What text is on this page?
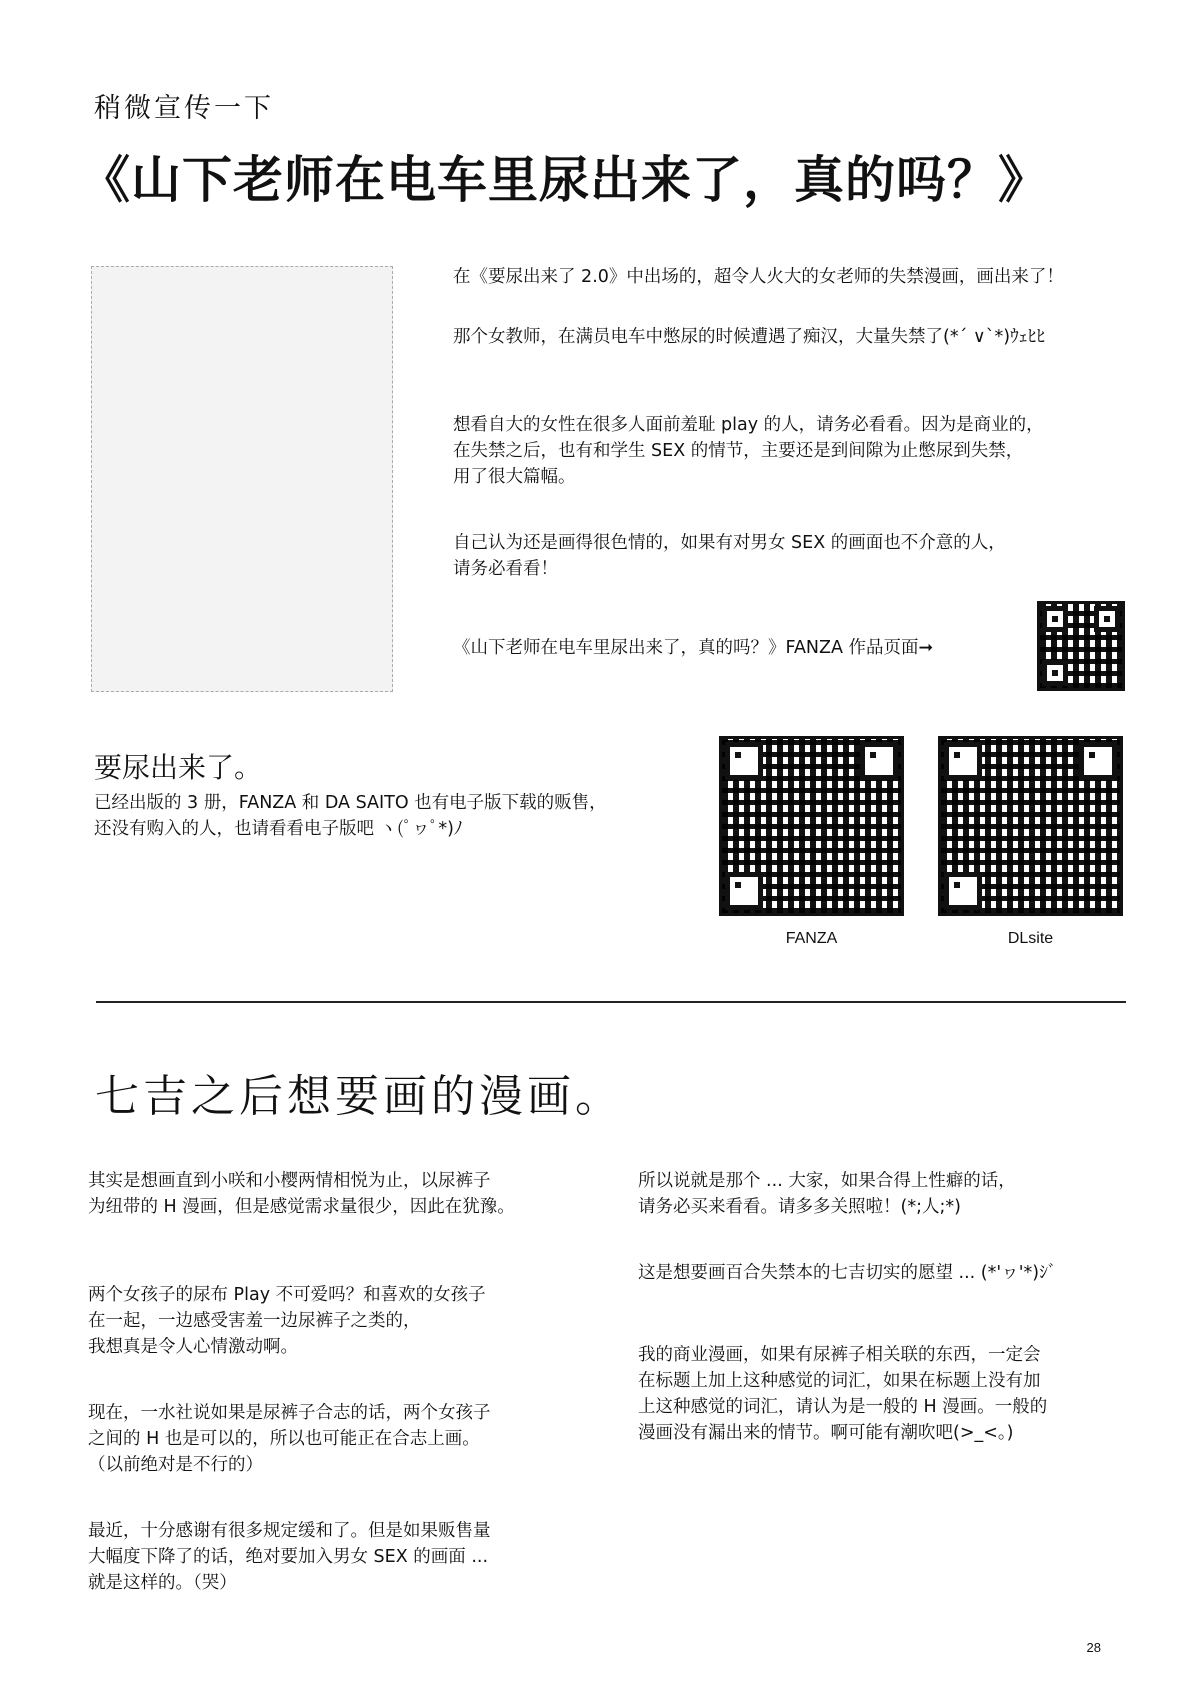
稍微宣传一下
《山下老师在电车里尿出来了，真的吗？》

在《要尿出来了 2.0》中出场的，超令人火大的女老师的失禁漫画，画出来了！

那个女教师，在满员电车中憋尿的时候遭遇了痴汉，大量失禁了(*´ ∨`*)ｳｪﾋﾋ

想看自大的女性在很多人面前羞耻 play 的人，请务必看看。因为是商业的，

在失禁之后，也有和学生 SEX 的情节，主要还是到间隙为止憋尿到失禁，

用了很大篇幅。

自己认为还是画得很色情的，如果有对男女 SEX 的画面也不介意的人，

请务必看看！

《山下老师在电车里尿出来了，真的吗？》FANZA 作品页面➞
要尿出来了。

已经出版的 3 册，FANZA 和 DA SAITO 也有电子版下载的贩售，

还没有购入的人，也请看看电子版吧 ヽ(ﾟヮﾟ*)ﾉ

FANZA	DLsite
七吉之后想要画的漫画。

其实是想画直到小咲和小樱两情相悦为止，以尿裤子

为纽带的 H 漫画，但是感觉需求量很少，因此在犹豫。

两个女孩子的尿布 Play 不可爱吗？和喜欢的女孩子

在一起，一边感受害羞一边尿裤子之类的，

我想真是令人心情激动啊。

现在，一水社说如果是尿裤子合志的话，两个女孩子

之间的 H 也是可以的，所以也可能正在合志上画。

（以前绝对是不行的）

最近，十分感谢有很多规定缓和了。但是如果贩售量

大幅度下降了的话，绝对要加入男女 SEX 的画面 ...

就是这样的。（哭）

所以说就是那个 ... 大家，如果合得上性癖的话，

请务必买来看看。请多多关照啦！(*;人;*)

这是想要画百合失禁本的七吉切实的愿望 ... (*'ヮ'*)ｼﾞ

我的商业漫画，如果有尿裤子相关联的东西，一定会

在标题上加上这种感觉的词汇，如果在标题上没有加

上这种感觉的词汇，请认为是一般的 H 漫画。一般的

漫画没有漏出来的情节。啊可能有潮吹吧(>_<。)

28
